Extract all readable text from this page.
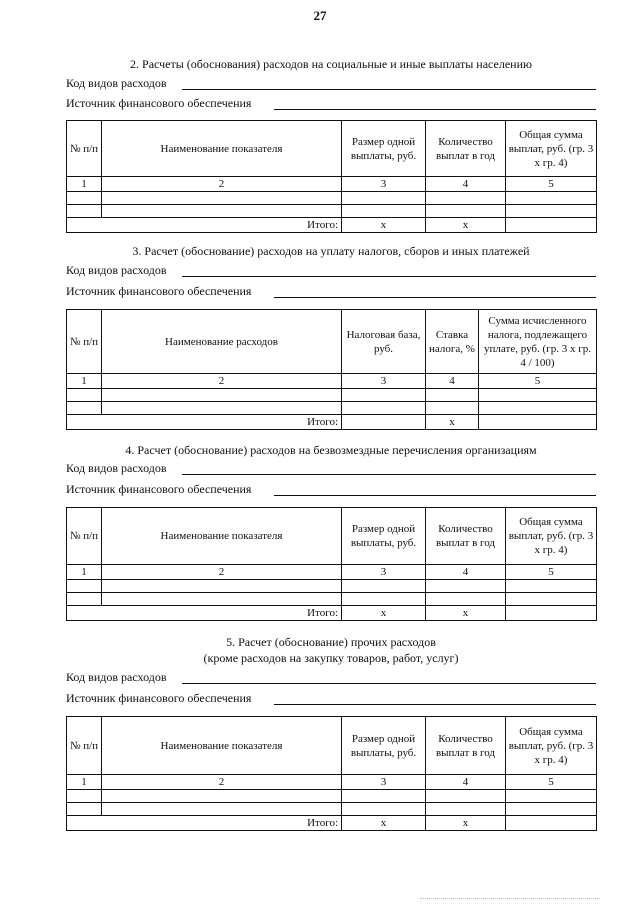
27
2. Расчеты (обоснования) расходов на социальные и иные выплаты населению
Код видов расходов
Источник финансового обеспечения
№ п/п	Наименование показателя	Размер одной выплаты, руб.	Количество выплат в год	Общая сумма выплат, руб. (гр. 3 х гр. 4)
1	2	3	4	5

Итого:		х	х	
3. Расчет (обоснование) расходов на уплату налогов, сборов и иных платежей
Код видов расходов
Источник финансового обеспечения
№ п/п	Наименование расходов	Налоговая база, руб.	Ставка налога, %	Сумма исчисленного налога, подлежащего уплате, руб. (гр. 3 х гр. 4 / 100)
1	2	3	4	5

Итого:			х	
4. Расчет (обоснование) расходов на безвозмездные перечисления организациям
Код видов расходов
Источник финансового обеспечения
№ п/п	Наименование показателя	Размер одной выплаты, руб.	Количество выплат в год	Общая сумма выплат, руб. (гр. 3 х гр. 4)
1	2	3	4	5

Итого:		х	х	
5. Расчет (обоснование) прочих расходов
(кроме расходов на закупку товаров, работ, услуг)
Код видов расходов
Источник финансового обеспечения
№ п/п	Наименование показателя	Размер одной выплаты, руб.	Количество выплат в год	Общая сумма выплат, руб. (гр. 3 х гр. 4)
1	2	3	4	5

Итого:		х	х	
